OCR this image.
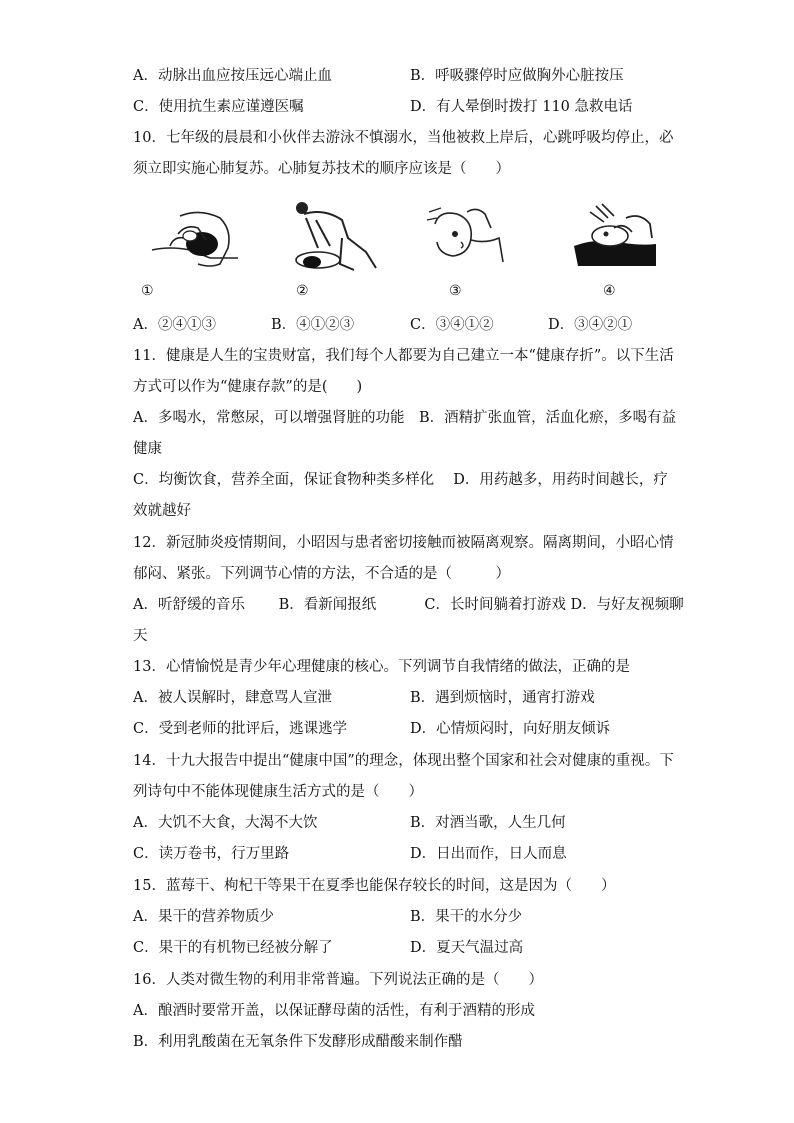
A．动脉出血应按压远心端止血	B．呼吸骤停时应做胸外心脏按压
C．使用抗生素应谨遵医嘱	D．有人晕倒时拨打 110 急救电话
10．七年级的晨晨和小伙伴去游泳不慎溺水，当他被救上岸后，心跳呼吸均停止，必
须立即实施心肺复苏。心肺复苏技术的顺序应该是（　　）
①	②	③	④
A．②④①③	B．④①②③	C．③④①②	D．③④②①
11．健康是人生的宝贵财富，我们每个人都要为自己建立一本“健康存折”。以下生活
方式可以作为“健康存款”的是(　　)
A．多喝水，常憋尿，可以增强肾脏的功能　B．酒精扩张血管，活血化瘀，多喝有益
健康
C．均衡饮食，营养全面，保证食物种类多样化　 D．用药越多，用药时间越长，疗
效就越好
12．新冠肺炎疫情期间，小昭因与患者密切接触而被隔离观察。隔离期间，小昭心情
郁闷、紧张。下列调节心情的方法，不合适的是（　　　）
A．听舒缓的音乐　　 B．看新闻报纸　　　 C．长时间躺着打游戏 D．与好友视频聊
天
13．心情愉悦是青少年心理健康的核心。下列调节自我情绪的做法，正确的是
A．被人误解时，肆意骂人宣泄	B．遇到烦恼时，通宵打游戏
C．受到老师的批评后，逃课逃学	D．心情烦闷时，向好朋友倾诉
14．十九大报告中提出“健康中国”的理念，体现出整个国家和社会对健康的重视。下
列诗句中不能体现健康生活方式的是（　　）
A．大饥不大食，大渴不大饮	B．对酒当歌，人生几何
C．读万卷书，行万里路	D．日出而作，日人而息
15．蓝莓干、枸杞干等果干在夏季也能保存较长的时间，这是因为（　　）
A．果干的营养物质少	B．果干的水分少
C．果干的有机物已经被分解了	D．夏天气温过高
16．人类对微生物的利用非常普遍。下列说法正确的是（　　）
A．酿酒时要常开盖，以保证酵母菌的活性，有利于酒精的形成
B．利用乳酸菌在无氧条件下发酵形成醋酸来制作醋
